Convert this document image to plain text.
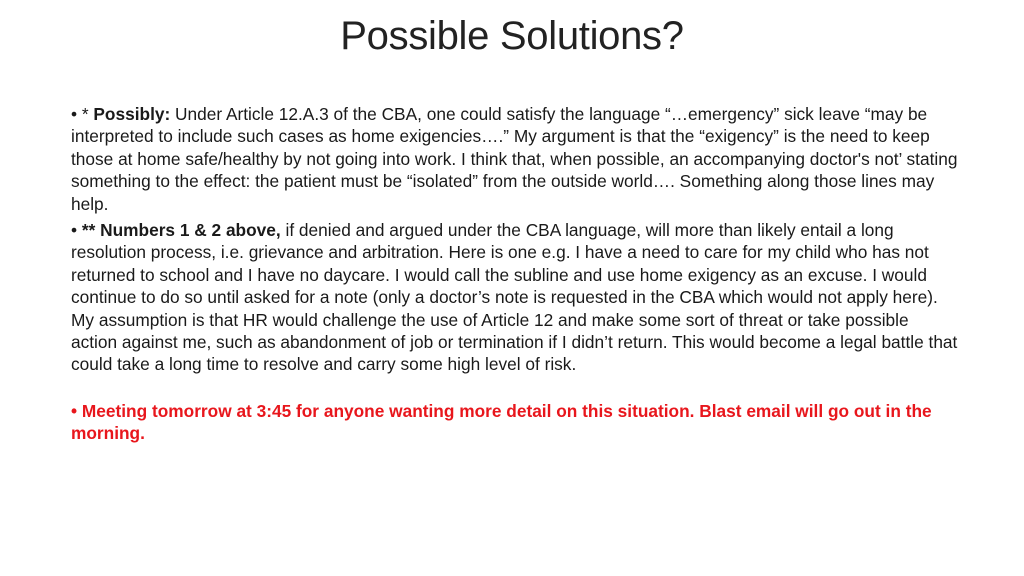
Possible Solutions?
• * Possibly: Under Article 12.A.3 of the CBA, one could satisfy the language “…emergency” sick leave “may be interpreted to include such cases as home exigencies….” My argument is that the “exigency” is the need to keep those at home safe/healthy by not going into work. I think that, when possible, an accompanying doctor's not’ stating something to the effect: the patient must be “isolated” from the outside world…. Something along those lines may help.
• ** Numbers 1 & 2 above, if denied and argued under the CBA language, will more than likely entail a long resolution process, i.e. grievance and arbitration. Here is one e.g. I have a need to care for my child who has not returned to school and I have no daycare. I would call the subline and use home exigency as an excuse. I would continue to do so until asked for a note (only a doctor’s note is requested in the CBA which would not apply here). My assumption is that HR would challenge the use of Article 12 and make some sort of threat or take possible action against me, such as abandonment of job or termination if I didn’t return. This would become a legal battle that could take a long time to resolve and carry some high level of risk.
• Meeting tomorrow at 3:45 for anyone wanting more detail on this situation. Blast email will go out in the morning.
